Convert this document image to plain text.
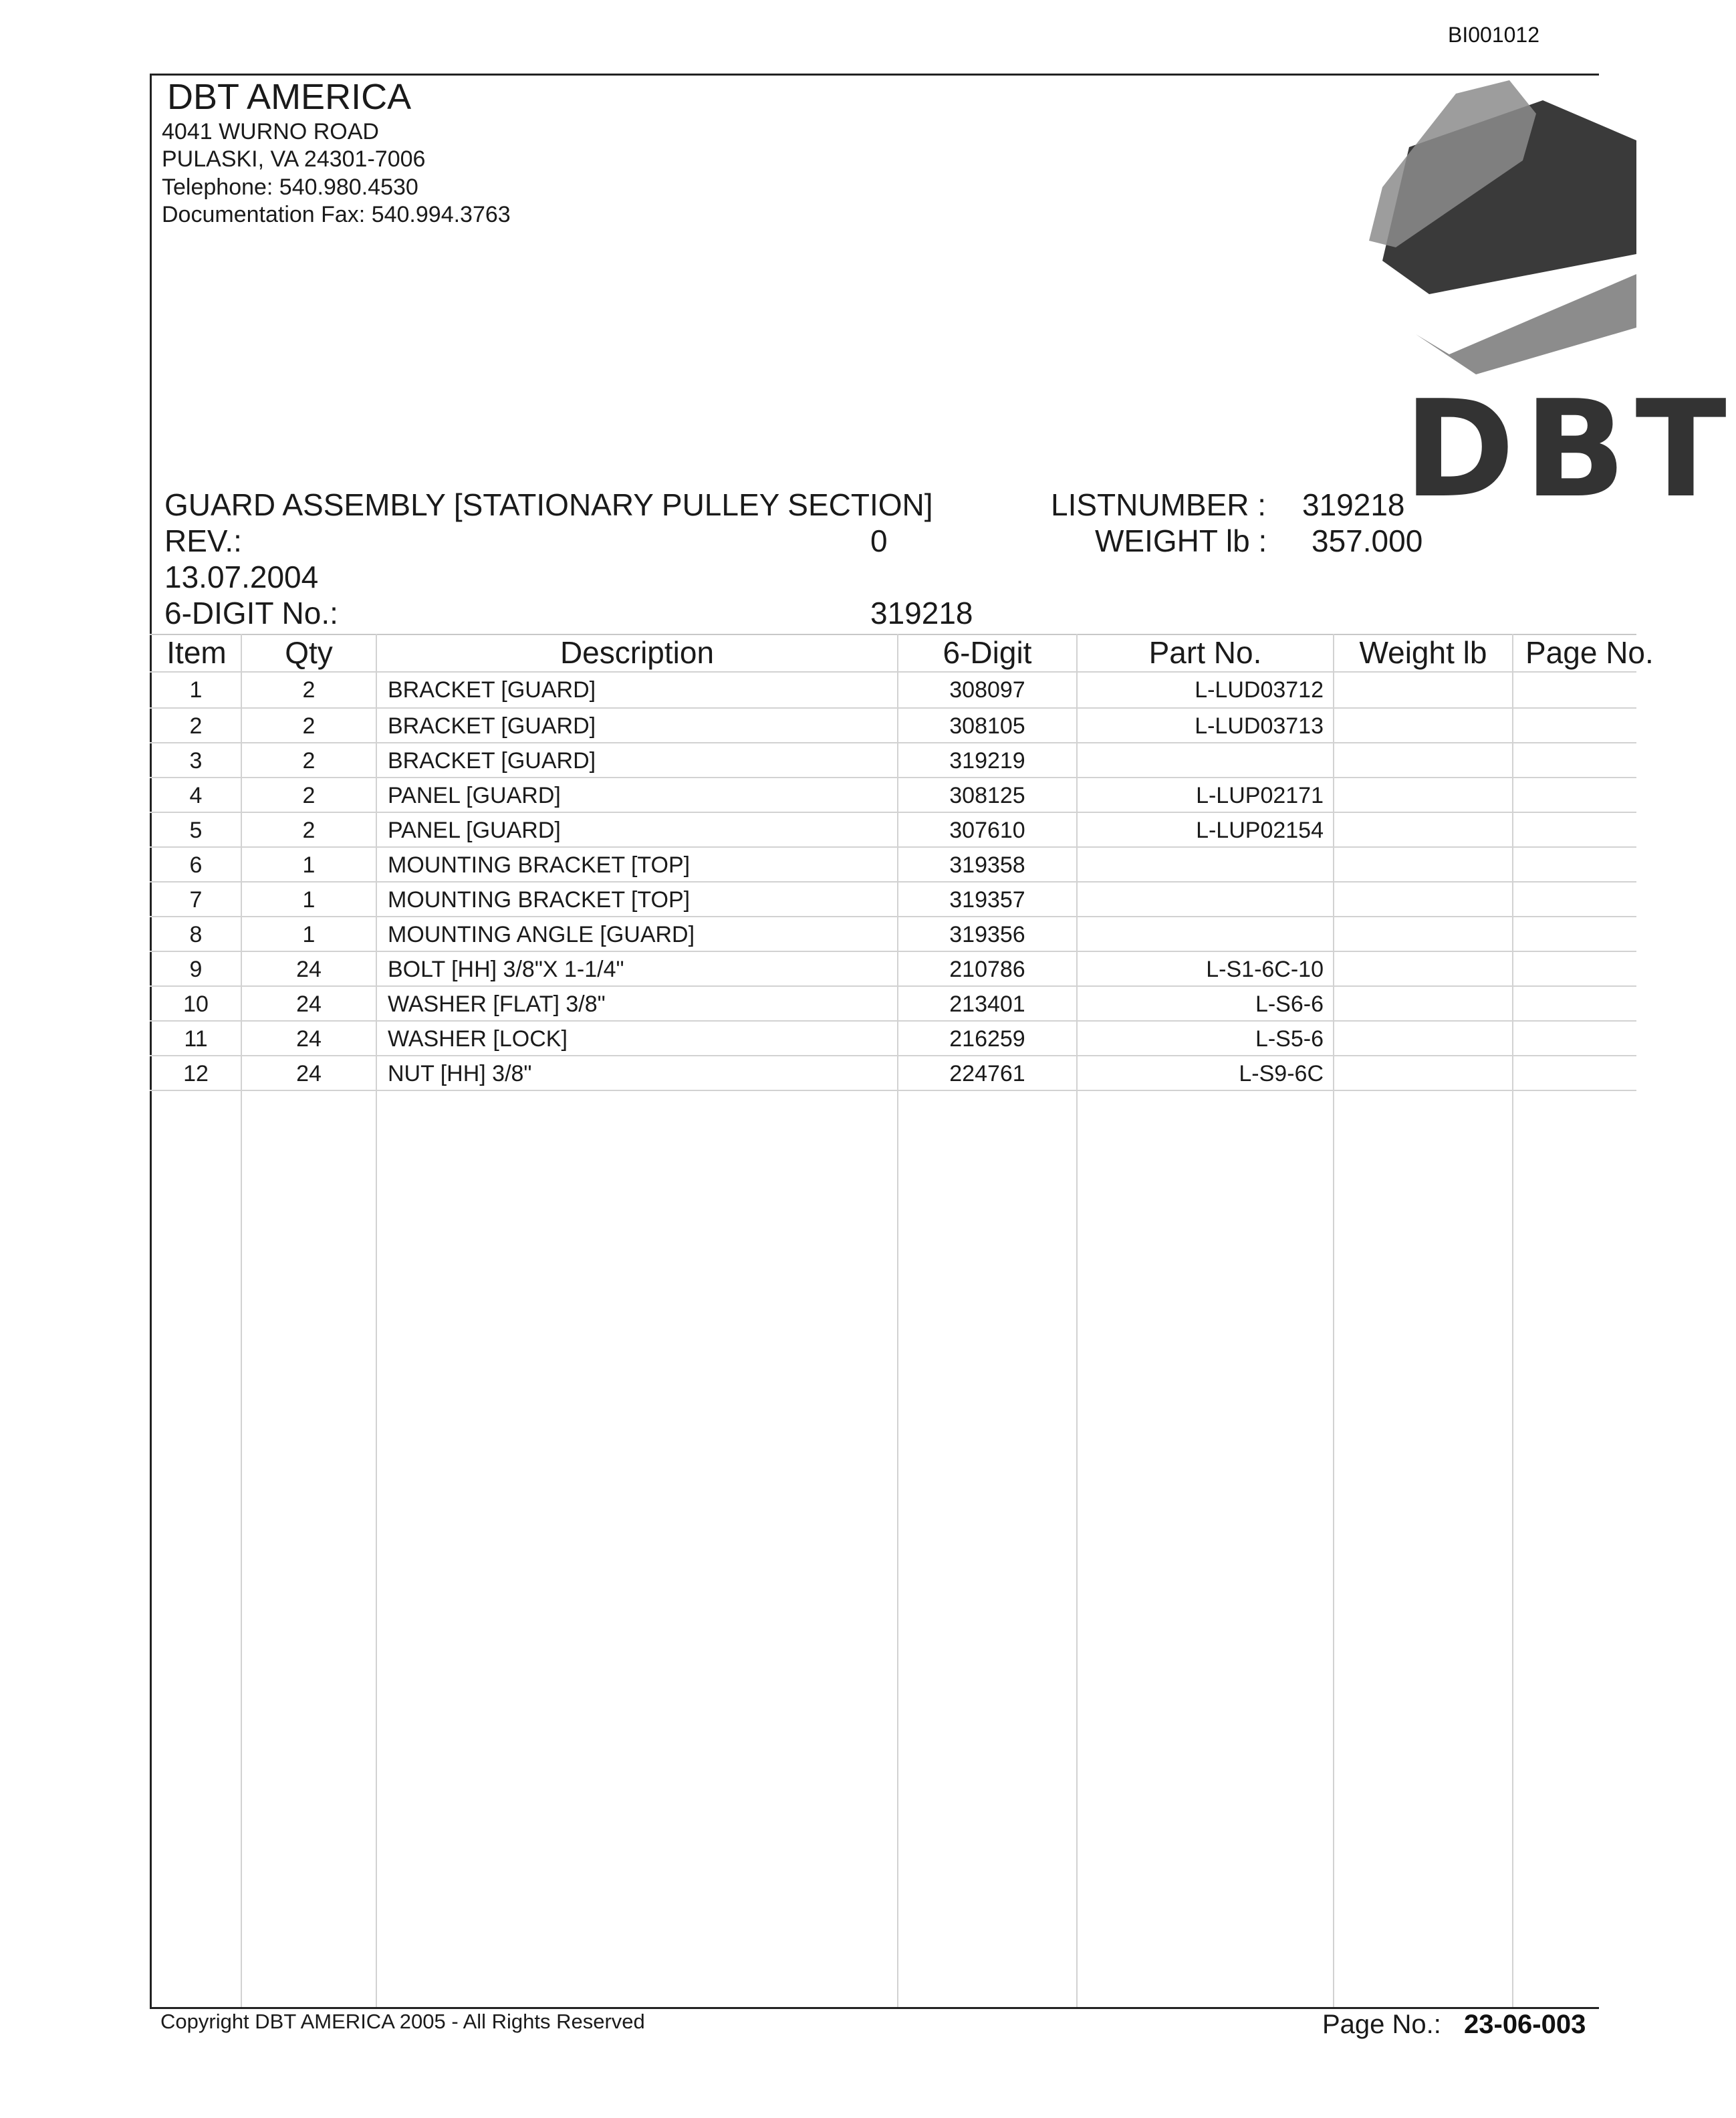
BI001012
DBT AMERICA
4041 WURNO ROAD
PULASKI, VA 24301-7006
Telephone: 540.980.4530
Documentation Fax: 540.994.3763
DBT
GUARD ASSEMBLY [STATIONARY PULLEY SECTION]	LISTNUMBER : 319218
REV.:	0	WEIGHT lb : 357.000
13.07.2004
6-DIGIT No.:	319218
Item	Qty	Description	6-Digit	Part No.	Weight lb	Page No.
1	2	BRACKET [GUARD]	308097	L-LUD03712
2	2	BRACKET [GUARD]	308105	L-LUD03713
3	2	BRACKET [GUARD]	319219
4	2	PANEL [GUARD]	308125	L-LUP02171
5	2	PANEL [GUARD]	307610	L-LUP02154
6	1	MOUNTING BRACKET [TOP]	319358
7	1	MOUNTING BRACKET [TOP]	319357
8	1	MOUNTING ANGLE [GUARD]	319356
9	24	BOLT [HH] 3/8"X 1-1/4"	210786	L-S1-6C-10
10	24	WASHER [FLAT] 3/8"	213401	L-S6-6
11	24	WASHER [LOCK]	216259	L-S5-6
12	24	NUT [HH] 3/8"	224761	L-S9-6C
Copyright DBT AMERICA 2005 - All Rights Reserved	Page No.: 23-06-003
